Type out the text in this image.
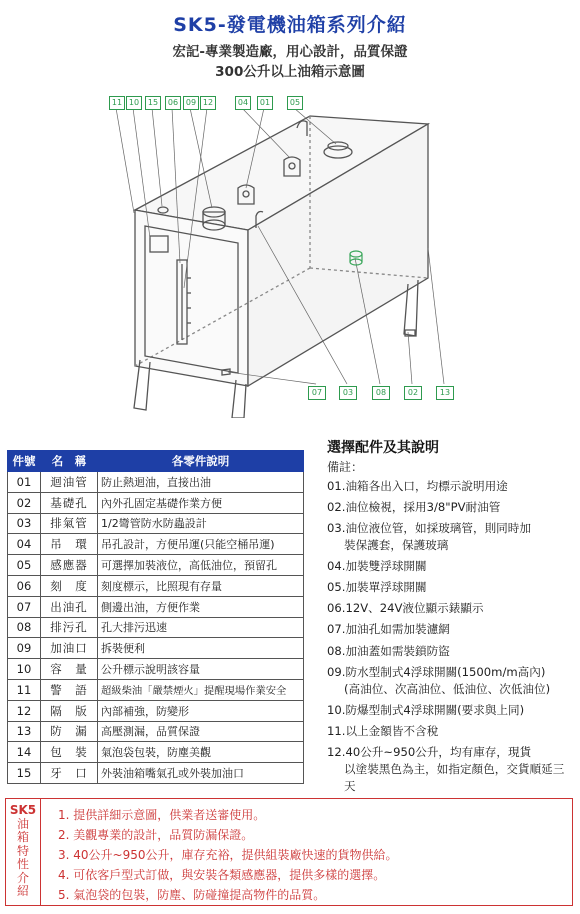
SK5-發電機油箱系列介紹
宏記-專業製造廠，用心設計，品質保證
300公升以上油箱示意圖
11 10	15	06 09 12	04	01	05
07	03	08	02	13
件號	名　稱	各零件說明
01	迴油管	防止熱迴油，直接出油
02	基礎孔	內外孔固定基礎作業方便
03	排氣管	1/2彎管防水防蟲設計
04	吊　環	吊孔設計，方便吊運(只能空桶吊運)
05	感應器	可選擇加裝液位，高低油位，預留孔
06	刻　度	刻度標示，比照現有存量
07	出油孔	側邊出油，方便作業
08	排污孔	孔大排污迅速
09	加油口	拆裝便利
10	容　量	公升標示說明該容量
11	警　語	超級柴油「嚴禁煙火」提醒現場作業安全
12	隔　版	內部補強，防變形
13	防　漏	高壓測漏，品質保證
14	包　裝	氣泡袋包裝，防塵美觀
15	牙　口	外裝油箱嘴氣孔或外裝加油口
選擇配件及其說明
備註：
01.油箱各出入口，均標示說明用途
02.油位檢視，採用3/8"PV耐油管
03.油位液位管，如採玻璃管，則同時加
裝保護套，保護玻璃
04.加裝雙浮球開關
05.加裝單浮球開關
06.12V、24V液位顯示錶顯示
07.加油孔如需加裝濾網
08.加油蓋如需裝鎖防盜
09.防水型制式4浮球開關(1500m/m高內)
(高油位、次高油位、低油位、次低油位)
10.防爆型制式4浮球開關(要求與上同)
11.以上金額皆不含稅
12.40公升~950公升，均有庫存，現貨
以塗裝黑色為主，如指定顏色，交貨順延三天
SK5
油
箱
特
性
介
紹
1. 提供詳細示意圖，供業者送審使用。
2. 美觀專業的設計，品質防漏保證。
3. 40公升~950公升，庫存充裕，提供組裝廠快速的貨物供給。
4. 可依客戶型式訂做，與安裝各類感應器，提供多樣的選擇。
5. 氣泡袋的包裝，防塵、防碰撞提高物件的品質。
